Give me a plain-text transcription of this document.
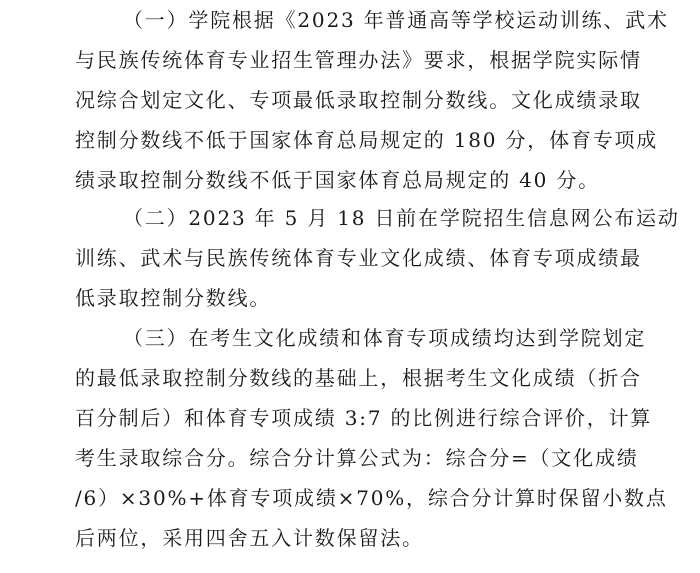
（一）学院根据《2023 年普通高等学校运动训练、武术
与民族传统体育专业招生管理办法》要求，根据学院实际情
况综合划定文化、专项最低录取控制分数线。文化成绩录取
控制分数线不低于国家体育总局规定的 180 分，体育专项成
绩录取控制分数线不低于国家体育总局规定的 40 分。
（二）2023 年 5 月 18 日前在学院招生信息网公布运动
训练、武术与民族传统体育专业文化成绩、体育专项成绩最
低录取控制分数线。
（三）在考生文化成绩和体育专项成绩均达到学院划定
的最低录取控制分数线的基础上，根据考生文化成绩（折合
百分制后）和体育专项成绩 3:7 的比例进行综合评价，计算
考生录取综合分。综合分计算公式为：综合分=（文化成绩
/6）×30%+体育专项成绩×70%，综合分计算时保留小数点
后两位，采用四舍五入计数保留法。
